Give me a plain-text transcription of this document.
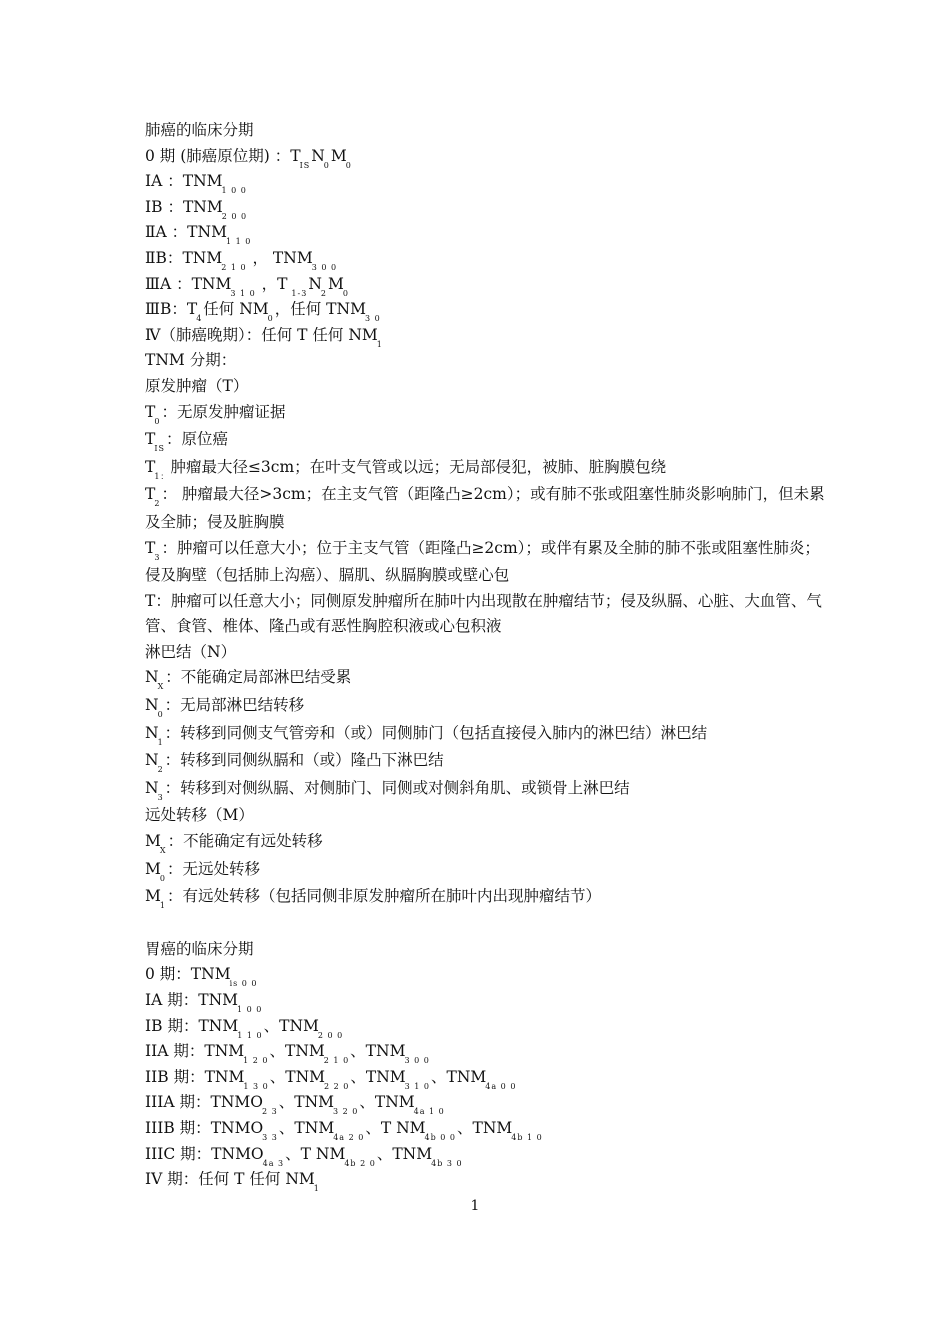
肺癌的临床分期
0 期 (肺癌原位期) ：$T_{IS}N_0M_0$
ⅠA ：$TNM_{1 0 0}$
ⅠB ：$TNM_{2 0 0}$
ⅡA ：$TNM_{1 1 0}$
ⅡB：$TNM_{2 1 0}$ ， $TNM_{3 0 0}$
ⅢA ：$TNM_{3 1 0}$ ，T $_{1-3}N_2M_0$
ⅢB：$T_4$任何 $NM_0$，任何 $TNM_{3 0}$
Ⅳ（肺癌晚期）：任何 T 任何 $NM_1$
TNM 分期：
原发肿瘤（T）
$T_0$：无原发肿瘤证据
$T_{IS}$：原位癌
$T_{1:}$肿瘤最大径≤3cm；在叶支气管或以远；无局部侵犯，被肺、脏胸膜包绕
$T_2$： 肿瘤最大径>3cm；在主支气管（距隆凸≥2cm）；或有肺不张或阻塞性肺炎影响肺门，但未累及全肺；侵及脏胸膜
$T_3$：肿瘤可以任意大小；位于主支气管（距隆凸≥2cm）；或伴有累及全肺的肺不张或阻塞性肺炎；侵及胸壁（包括肺上沟癌）、膈肌、纵膈胸膜或壁心包
T：肿瘤可以任意大小；同侧原发肿瘤所在肺叶内出现散在肿瘤结节；侵及纵膈、心脏、大血管、气管、食管、椎体、隆凸或有恶性胸腔积液或心包积液
淋巴结（N）
$N_X$：不能确定局部淋巴结受累
$N_0$：无局部淋巴结转移
$N_1$：转移到同侧支气管旁和（或）同侧肺门（包括直接侵入肺内的淋巴结）淋巴结
$N_2$：转移到同侧纵膈和（或）隆凸下淋巴结
$N_3$：转移到对侧纵膈、对侧肺门、同侧或对侧斜角肌、或锁骨上淋巴结
远处转移（M）
$M_X$：不能确定有远处转移
$M_0$：无远处转移
$M_1$：有远处转移（包括同侧非原发肿瘤所在肺叶内出现肿瘤结节）
胃癌的临床分期
0 期：$TNM_{is 0 0}$
IA 期：$TNM_{1 0 0}$
IB 期：$TNM_{1 1 0}$、$TNM_{2 0 0}$
IIA 期：$TNM_{1 2 0}$、$TNM_{2 1 0}$、$TNM_{3 0 0}$
IIB 期：$TNM_{1 3 0}$、$TNM_{2 2 0}$、$TNM_{3 1 0}$、$TNM_{4a 0 0}$
IIIA 期：$TNMO_{2 3}$、$TNM_{3 2 0}$、$TNM_{4a 1 0}$
IIIB 期：$TNMO_{3 3}$、$TNM_{4a 2 0}$、T $NM_{4b 0 0}$、$TNM_{4b 1 0}$
IIIC 期：$TNMO_{4a 3}$、T $NM_{4b 2 0}$、$TNM_{4b 3 0}$
IV 期：任何 T 任何 $NM_1$
1
